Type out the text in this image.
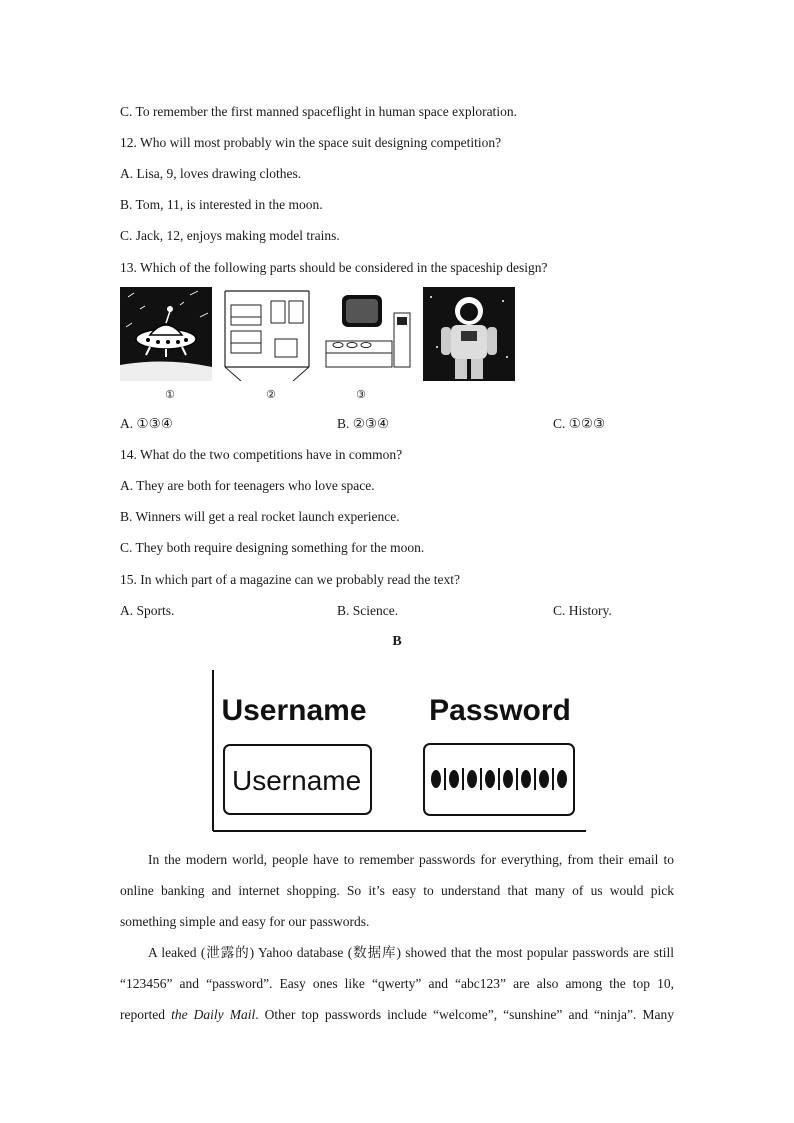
C. To remember the first manned spaceflight in human space exploration.
12. Who will most probably win the space suit designing competition?
A. Lisa, 9, loves drawing clothes.
B. Tom, 11, is interested in the moon.
C. Jack, 12, enjoys making model trains.
13. Which of the following parts should be considered in the spaceship design?
①	②	③
A. ①③④	B. ②③④	C. ①②③
14. What do the two competitions have in common?
A. They are both for teenagers who love space.
B. Winners will get a real rocket launch experience.
C. They both require designing something for the moon.
15. In which part of a magazine can we probably read the text?
A. Sports.	B. Science.	C. History.
B
Username Password
Username

In the modern world, people have to remember passwords for everything, from their email to

online banking and internet shopping. So it’s easy to understand that many of us would pick

something simple and easy for our passwords.

A leaked (泄露的) Yahoo database (数据库) showed that the most popular passwords are still

“123456” and “password”. Easy ones like “qwerty” and “abc123” are also among the top 10,

reported the Daily Mail. Other top passwords include “welcome”, “sunshine” and “ninja”. Many
